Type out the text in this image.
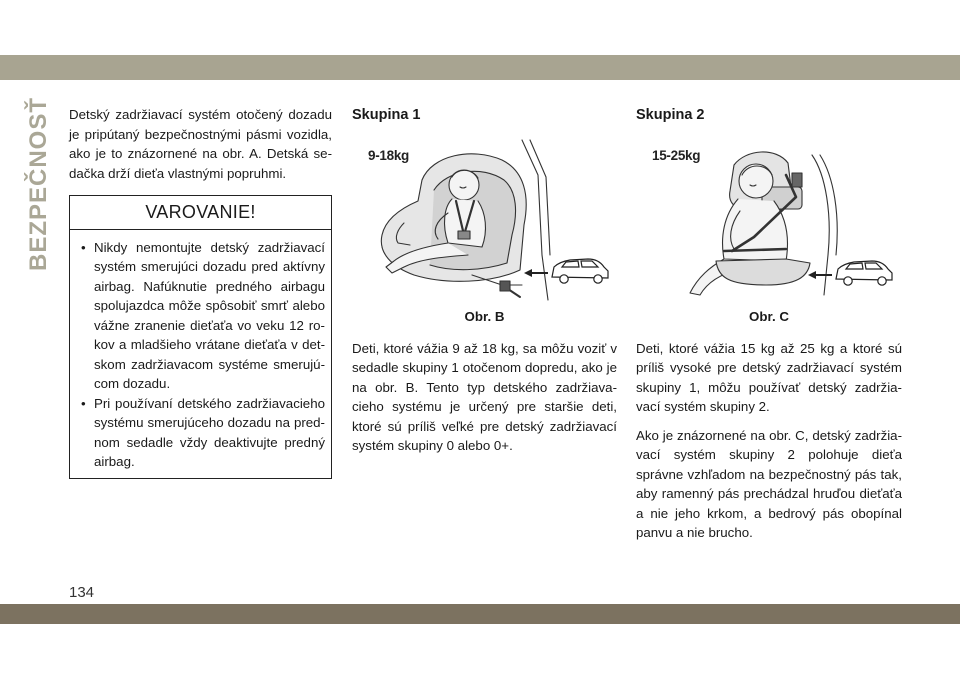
BEZPEČNOSŤ Detský zadržiavací systém otočený dozadu je pripútaný bezpečnostnými pásmi vozidla, ako je to znázornené na obr. A. Detská se-dačka drží dieťa vlastnými popruhmi.

VAROVANIE!
• Nikdy nemontujte detský zadržiavací systém smerujúci dozadu pred aktívny airbag. Nafúknutie predného airbagu spolujazdca môže spôsobiť smrť alebo vážne zranenie dieťaťa vo veku 12 ro-kov a mladšieho vrátane dieťaťa v det-skom zadržiavacom systéme smerujú-com dozadu.
• Pri používaní detského zadržiavacieho systému smerujúceho dozadu na pred-nom sedadle vždy deaktivujte predný airbag.
Skupina 1
9-18kg
Obr. B

Deti, ktoré vážia 9 až 18 kg, sa môžu voziť v sedadle skupiny 1 otočenom dopredu, ako je na obr. B. Tento typ detského zadržiava-cieho systému je určený pre staršie deti, ktoré sú príliš veľké pre detský zadržiavací systém skupiny 0 alebo 0+.

Skupina 2
15-25kg
Obr. C

Deti, ktoré vážia 15 kg až 25 kg a ktoré sú príliš vysoké pre detský zadržiavací systém skupiny 1, môžu používať detský zadržia-vací systém skupiny 2.

Ako je znázornené na obr. C, detský zadržia-vací systém skupiny 2 polohuje dieťa správne vzhľadom na bezpečnostný pás tak, aby ramenný pás prechádzal hruďou dieťaťa a nie jeho krkom, a bedrový pás obopínal panvu a nie brucho.

134
